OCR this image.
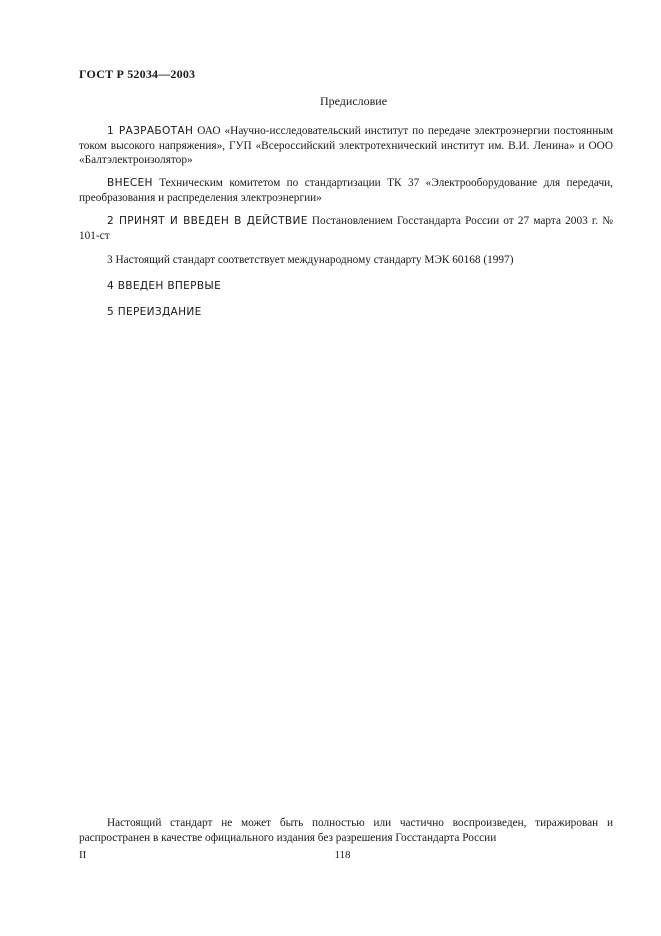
ГОСТ Р 52034—2003
Предисловие
1 РАЗРАБОТАН ОАО «Научно-исследовательский институт по передаче электроэнергии постоянным током высокого напряжения», ГУП «Всероссийский электротехнический институт им. В.И. Ленина» и ООО «Балтэлектроизолятор»
ВНЕСЕН Техническим комитетом по стандартизации ТК 37 «Электрооборудование для передачи, преобразования и распределения электроэнергии»
2 ПРИНЯТ И ВВЕДЕН В ДЕЙСТВИЕ Постановлением Госстандарта России от 27 марта 2003 г. № 101-ст
3 Настоящий стандарт соответствует международному стандарту МЭК 60168 (1997)
4 ВВЕДЕН ВПЕРВЫЕ
5 ПЕРЕИЗДАНИЕ
Настоящий стандарт не может быть полностью или частично воспроизведен, тиражирован и распространен в качестве официального издания без разрешения Госстандарта России
II	118
